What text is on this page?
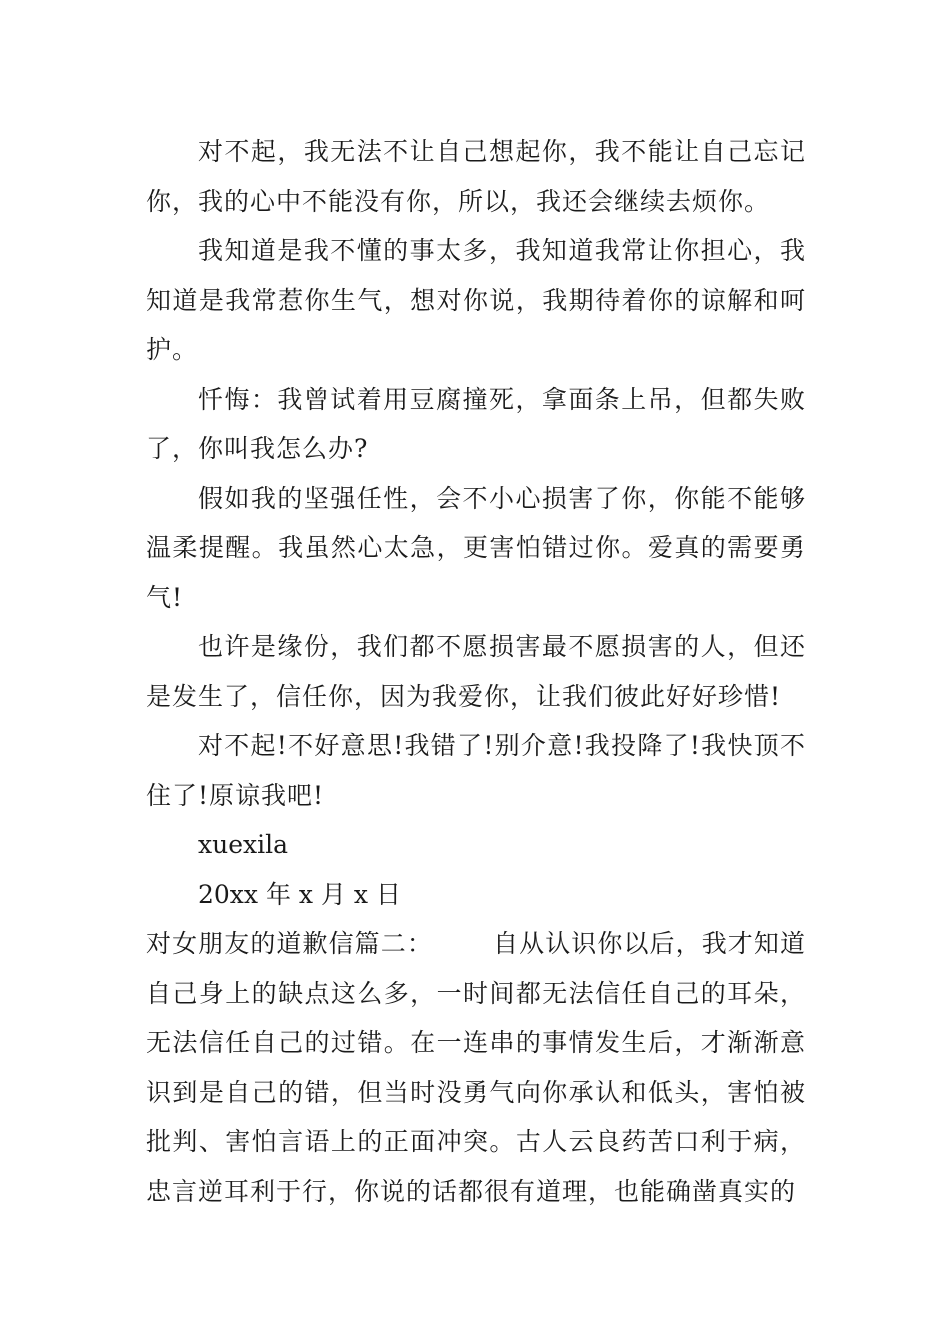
对不起，我无法不让自己想起你，我不能让自己忘记你，我的心中不能没有你，所以，我还会继续去烦你。

我知道是我不懂的事太多，我知道我常让你担心，我知道是我常惹你生气，想对你说，我期待着你的谅解和呵护。

忏悔：我曾试着用豆腐撞死，拿面条上吊，但都失败了，你叫我怎么办?

假如我的坚强任性，会不小心损害了你，你能不能够温柔提醒。我虽然心太急，更害怕错过你。爱真的需要勇气!

也许是缘份，我们都不愿损害最不愿损害的人，但还是发生了，信任你，因为我爱你，让我们彼此好好珍惜!

对不起!不好意思!我错了!别介意!我投降了!我快顶不住了!原谅我吧!

xuexila

20xx 年 x 月 x 日

对女朋友的道歉信篇二： 自从认识你以后，我才知道自己身上的缺点这么多，一时间都无法信任自己的耳朵，无法信任自己的过错。在一连串的事情发生后，才渐渐意识到是自己的错，但当时没勇气向你承认和低头，害怕被批判、害怕言语上的正面冲突。古人云良药苦口利于病，忠言逆耳利于行，你说的话都很有道理，也能确凿真实的
